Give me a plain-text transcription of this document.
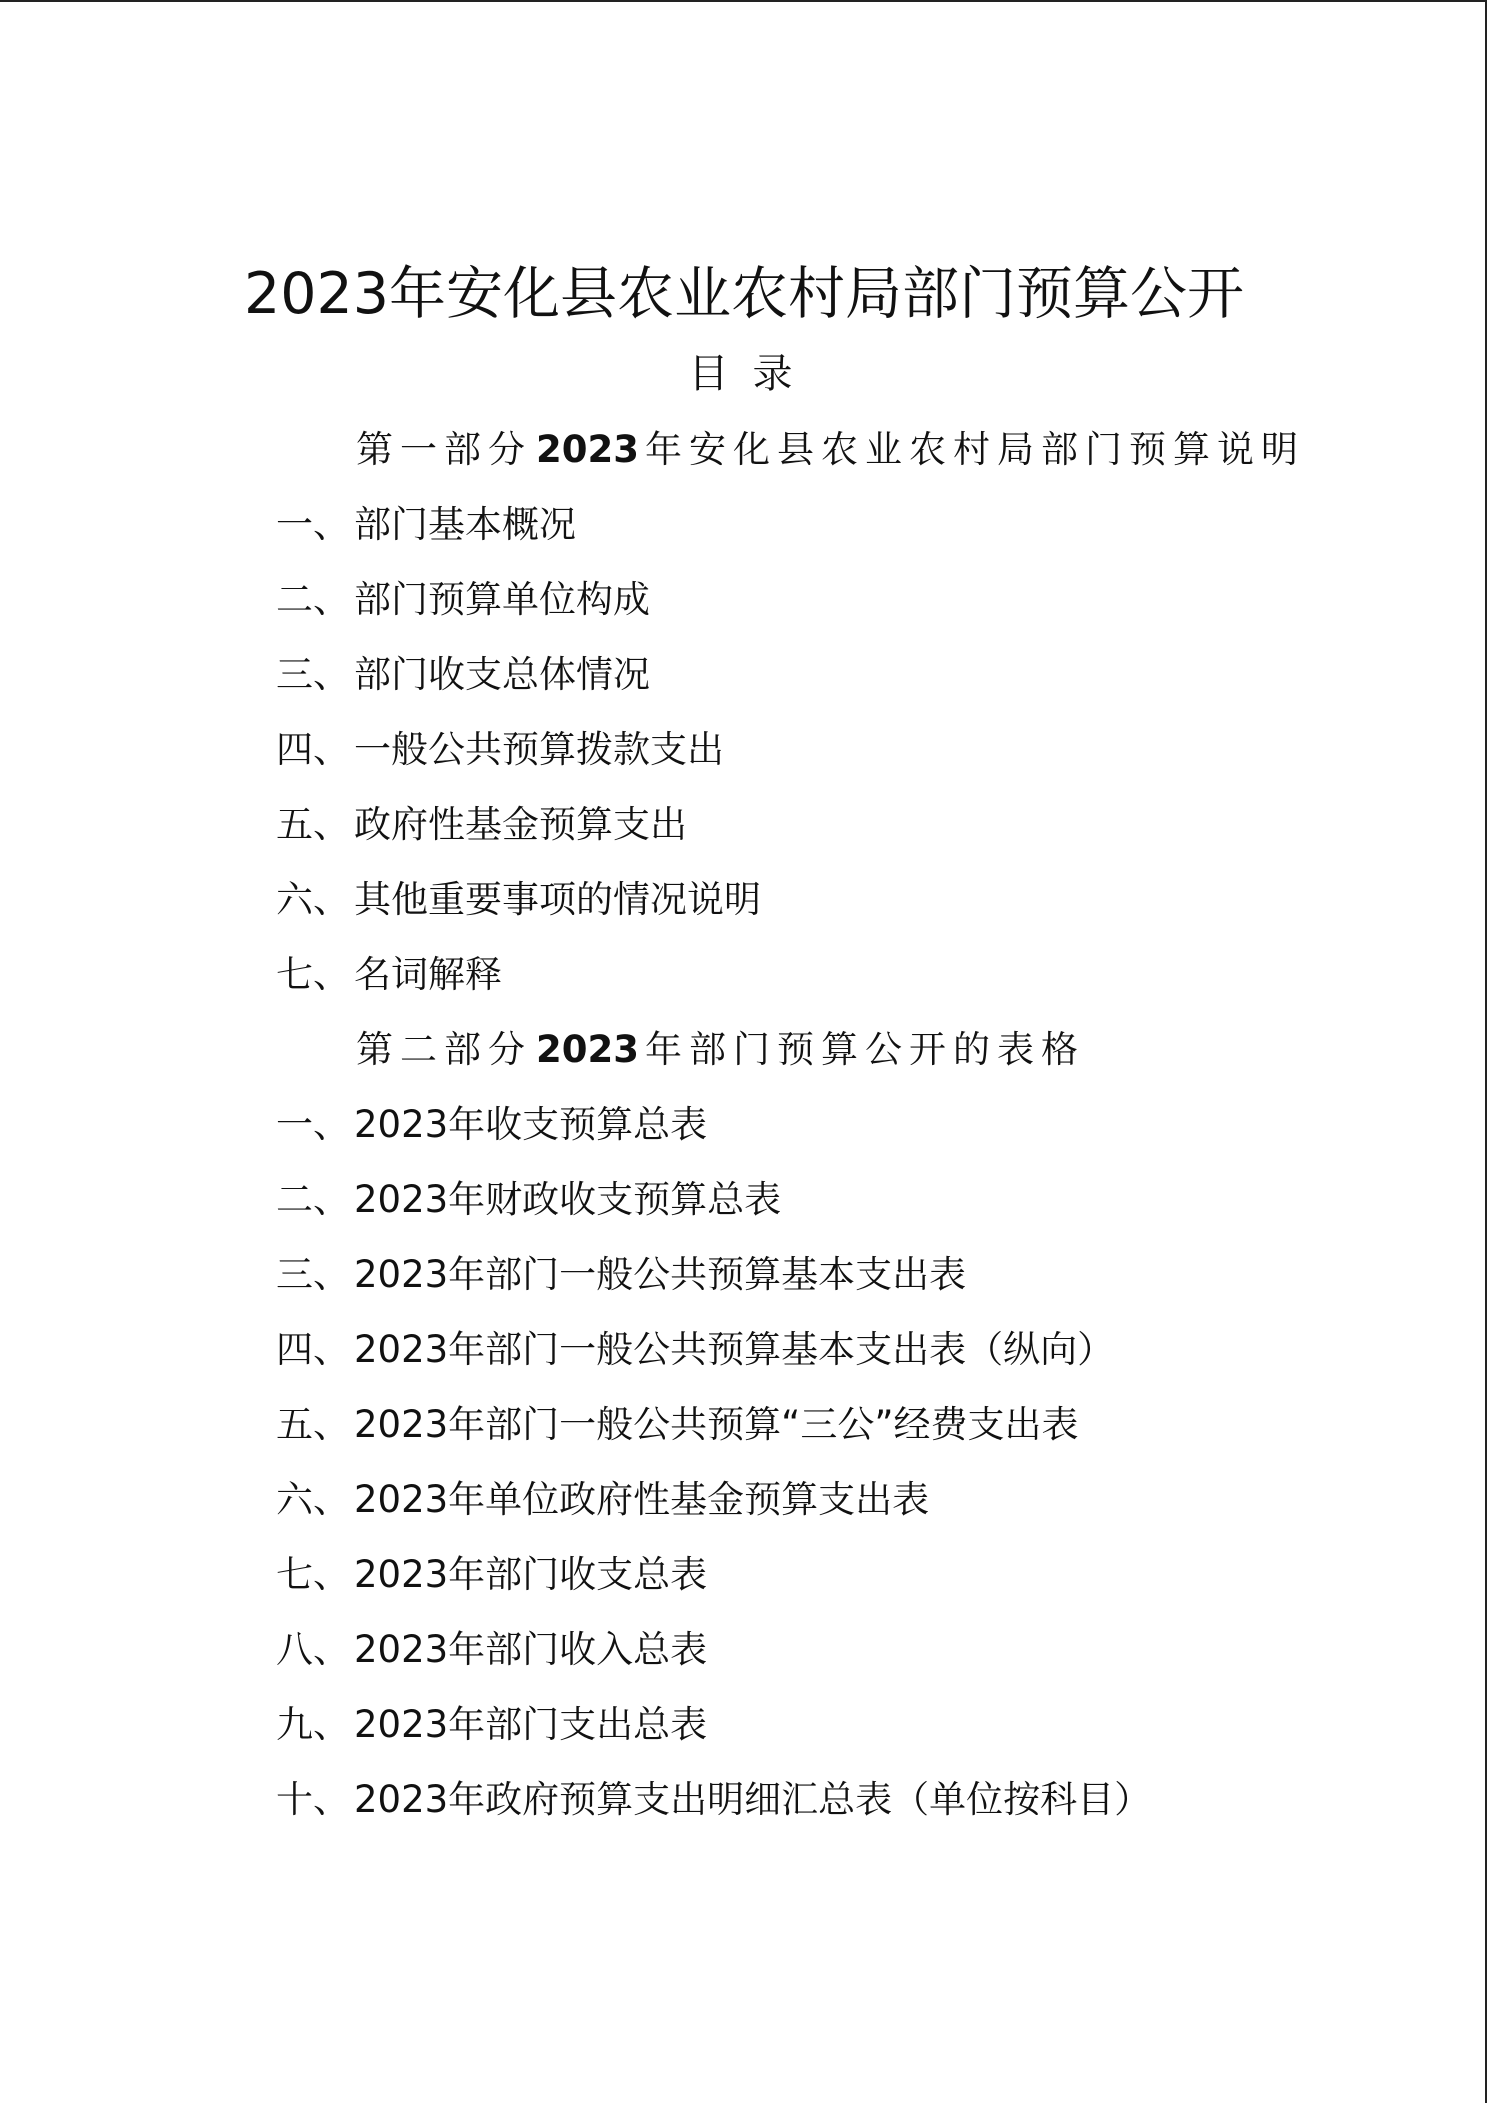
2023年安化县农业农村局部门预算公开
目录
第一部分 2023 年安化县农业农村局部门预算说明
一、 部门基本概况
二、 部门预算单位构成
三、 部门收支总体情况
四、 一般公共预算拨款支出
五、 政府性基金预算支出
六、 其他重要事项的情况说明
七、 名词解释
第二部分 2023 年部门预算公开的表格
一、 2023年收支预算总表
二、 2023年财政收支预算总表
三、 2023年部门一般公共预算基本支出表
四、 2023年部门一般公共预算基本支出表（纵向）
五、 2023年部门一般公共预算“三公”经费支出表
六、 2023年单位政府性基金预算支出表
七、 2023年部门收支总表
八、 2023年部门收入总表
九、 2023年部门支出总表
十、 2023年政府预算支出明细汇总表（单位按科目）
